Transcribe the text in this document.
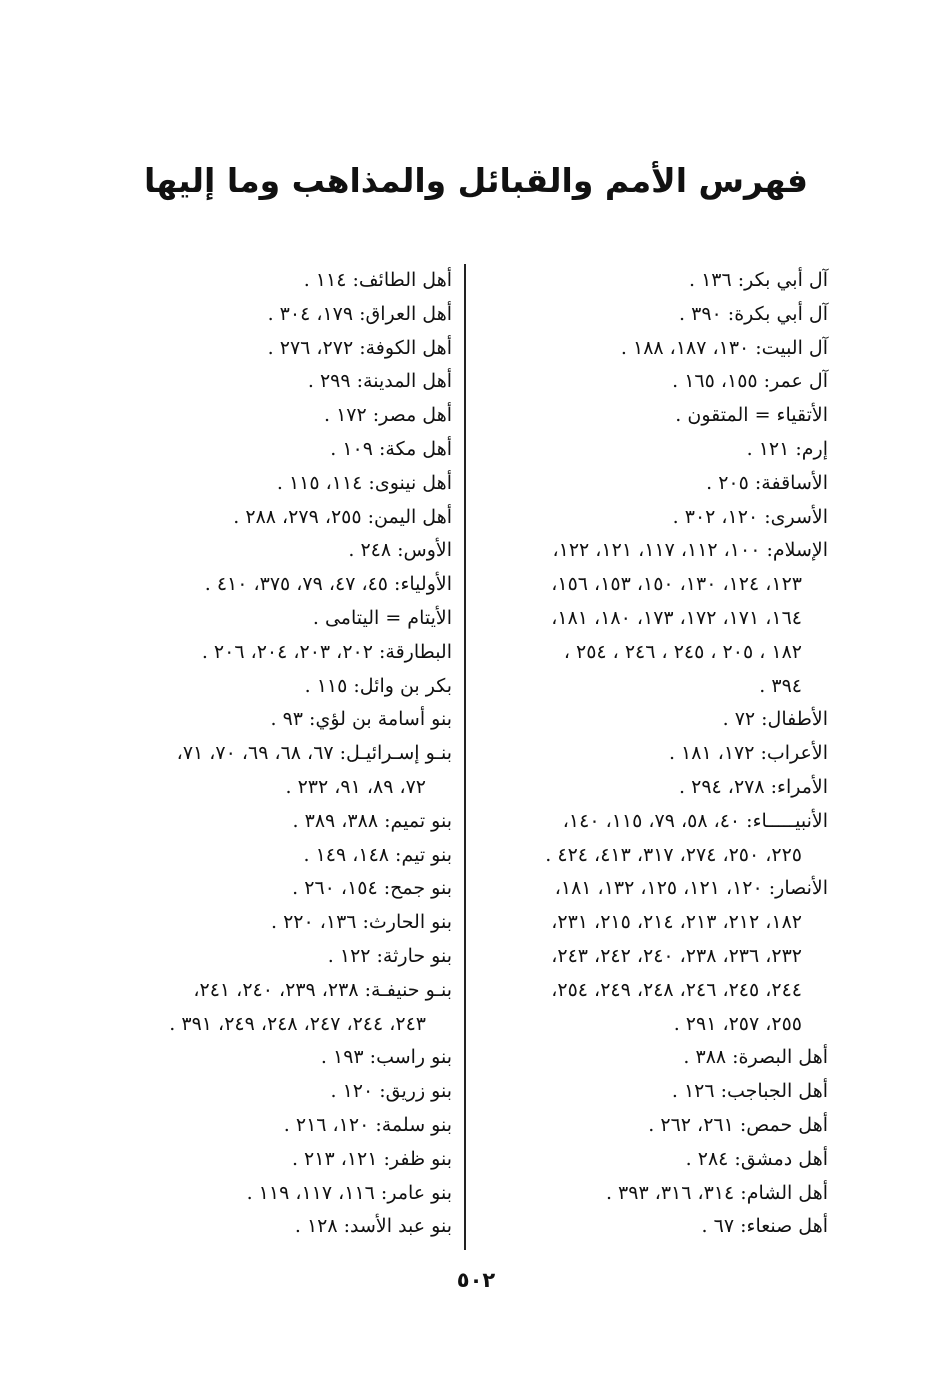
فهرس الأمم والقبائل والمذاهب وما إليها
آل أبي بكر: ١٣٦ .
آل أبي بكرة: ٣٩٠ .
آل البيت: ١٣٠، ١٨٧، ١٨٨ .
آل عمر: ١٥٥، ١٦٥ .
الأتقياء = المتقون .
إرم: ١٢١ .
الأساقفة: ٢٠٥ .
الأسرى: ١٢٠، ٣٠٢ .
الإسلام: ١٠٠، ١١٢، ١١٧، ١٢١، ١٢٢،
١٢٣، ١٢٤، ١٣٠، ١٥٠، ١٥٣، ١٥٦،
١٦٤، ١٧١، ١٧٢، ١٧٣، ١٨٠، ١٨١،
١٨٢ ، ٢٠٥ ، ٢٤٥ ، ٢٤٦ ، ٢٥٤ ،
٣٩٤ .
الأطفال: ٧٢ .
الأعراب: ١٧٢، ١٨١ .
الأمراء: ٢٧٨، ٢٩٤ .
الأنبيـــــاء: ٤٠، ٥٨، ٧٩، ١١٥، ١٤٠،
٢٢٥، ٢٥٠، ٢٧٤، ٣١٧، ٤١٣، ٤٢٤ .
الأنصار: ١٢٠، ١٢١، ١٢٥، ١٣٢، ١٨١،
١٨٢، ٢١٢، ٢١٣، ٢١٤، ٢١٥، ٢٣١،
٢٣٢، ٢٣٦، ٢٣٨، ٢٤٠، ٢٤٢، ٢٤٣،
٢٤٤، ٢٤٥، ٢٤٦، ٢٤٨، ٢٤٩، ٢٥٤،
٢٥٥، ٢٥٧، ٢٩١ .
أهل البصرة: ٣٨٨ .
أهل الجباجب: ١٢٦ .
أهل حمص: ٢٦١، ٢٦٢ .
أهل دمشق: ٢٨٤ .
أهل الشام: ٣١٤، ٣١٦، ٣٩٣ .
أهل صنعاء: ٦٧ .
أهل الطائف: ١١٤ .
أهل العراق: ١٧٩، ٣٠٤ .
أهل الكوفة: ٢٧٢، ٢٧٦ .
أهل المدينة: ٢٩٩ .
أهل مصر: ١٧٢ .
أهل مكة: ١٠٩ .
أهل نينوى: ١١٤، ١١٥ .
أهل اليمن: ٢٥٥، ٢٧٩، ٢٨٨ .
الأوس: ٢٤٨ .
الأولياء: ٤٥، ٤٧، ٧٩، ٣٧٥، ٤١٠ .
الأيتام = اليتامى .
البطارقة: ٢٠٢، ٢٠٣، ٢٠٤، ٢٠٦ .
بكر بن وائل: ١١٥ .
بنو أسامة بن لؤي: ٩٣ .
بنـو إسـرائيـل: ٦٧، ٦٨، ٦٩، ٧٠، ٧١،
٧٢، ٨٩، ٩١، ٢٣٢ .
بنو تميم: ٣٨٨، ٣٨٩ .
بنو تيم: ١٤٨، ١٤٩ .
بنو جمح: ١٥٤، ٢٦٠ .
بنو الحارث: ١٣٦، ٢٢٠ .
بنو حارثة: ١٢٢ .
بنـو حنيفـة: ٢٣٨، ٢٣٩، ٢٤٠، ٢٤١،
٢٤٣، ٢٤٤، ٢٤٧، ٢٤٨، ٢٤٩، ٣٩١ .
بنو راسب: ١٩٣ .
بنو زريق: ١٢٠ .
بنو سلمة: ١٢٠، ٢١٦ .
بنو ظفر: ١٢١، ٢١٣ .
بنو عامر: ١١٦، ١١٧، ١١٩ .
بنو عبد الأسد: ١٢٨ .
٥٠٢
